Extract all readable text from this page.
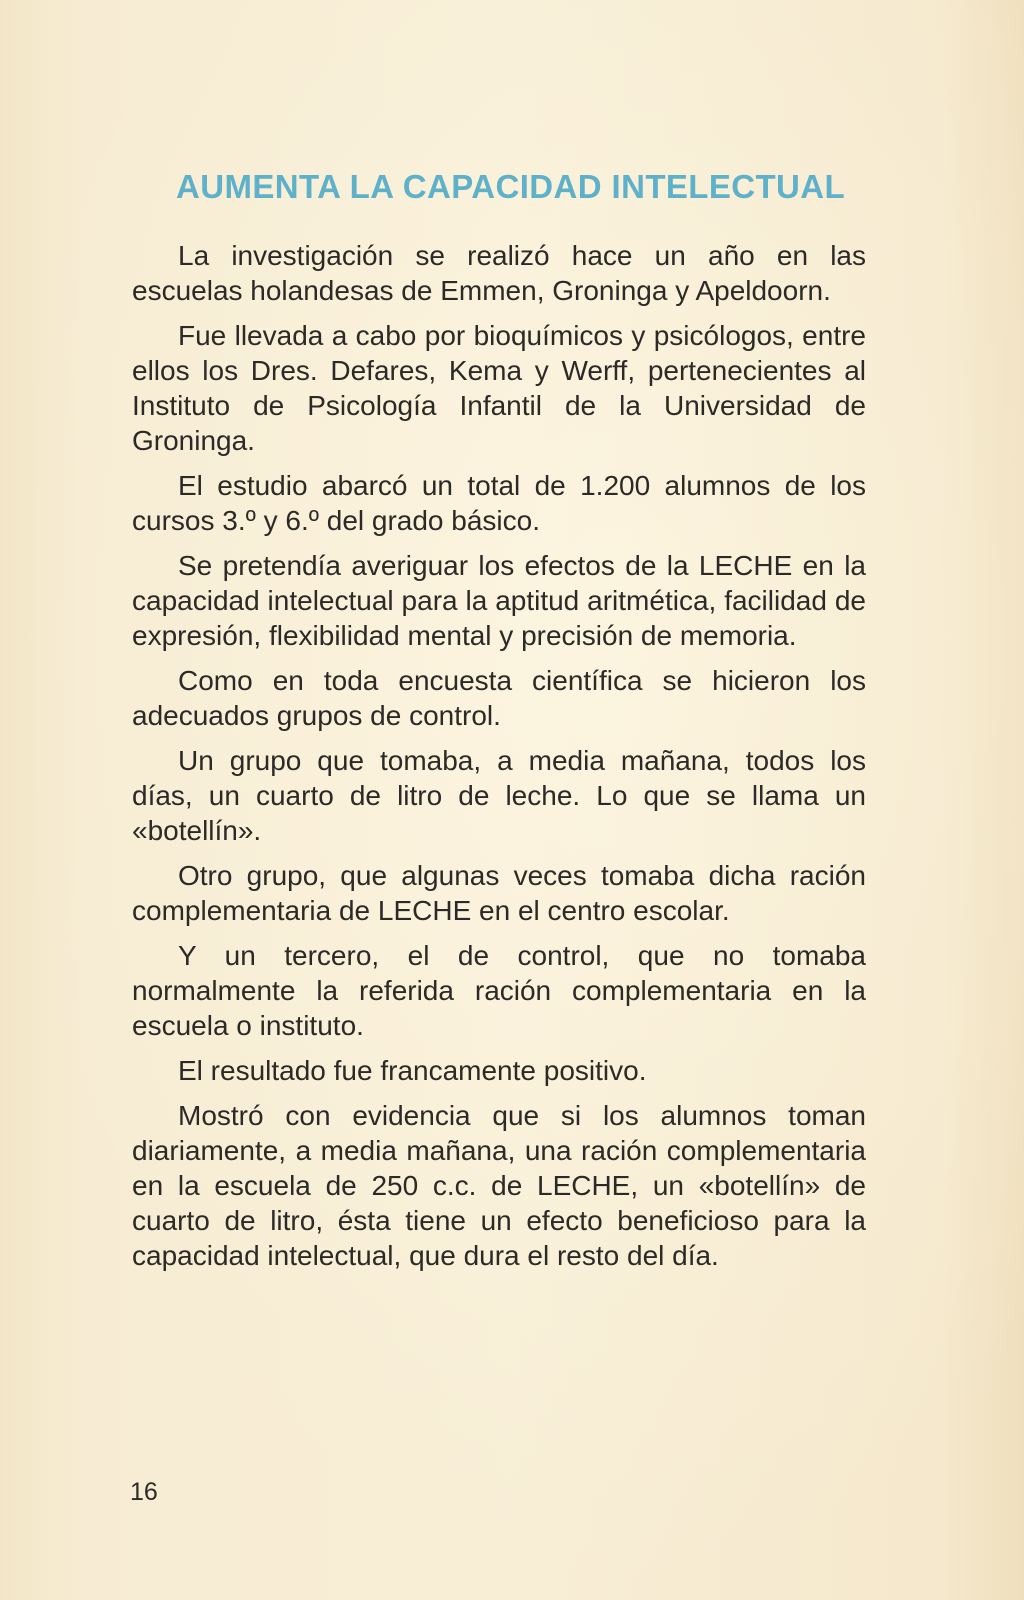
AUMENTA LA CAPACIDAD INTELECTUAL

La investigación se realizó hace un año en las escuelas holandesas de Emmen, Groninga y Apeldoorn.

Fue llevada a cabo por bioquímicos y psicólogos, entre ellos los Dres. Defares, Kema y Werff, pertenecientes al Instituto de Psicología Infantil de la Universidad de Groninga.

El estudio abarcó un total de 1.200 alumnos de los cursos 3.º y 6.º del grado básico.

Se pretendía averiguar los efectos de la LECHE en la capacidad intelectual para la aptitud aritmética, facilidad de expresión, flexibilidad mental y precisión de memoria.

Como en toda encuesta científica se hicieron los adecuados grupos de control.

Un grupo que tomaba, a media mañana, todos los días, un cuarto de litro de leche. Lo que se llama un «botellín».

Otro grupo, que algunas veces tomaba dicha ración complementaria de LECHE en el centro escolar.

Y un tercero, el de control, que no tomaba normalmente la referida ración complementaria en la escuela o instituto.

El resultado fue francamente positivo.

Mostró con evidencia que si los alumnos toman diariamente, a media mañana, una ración complementaria en la escuela de 250 c.c. de LECHE, un «botellín» de cuarto de litro, ésta tiene un efecto beneficioso para la capacidad intelectual, que dura el resto del día.

16
